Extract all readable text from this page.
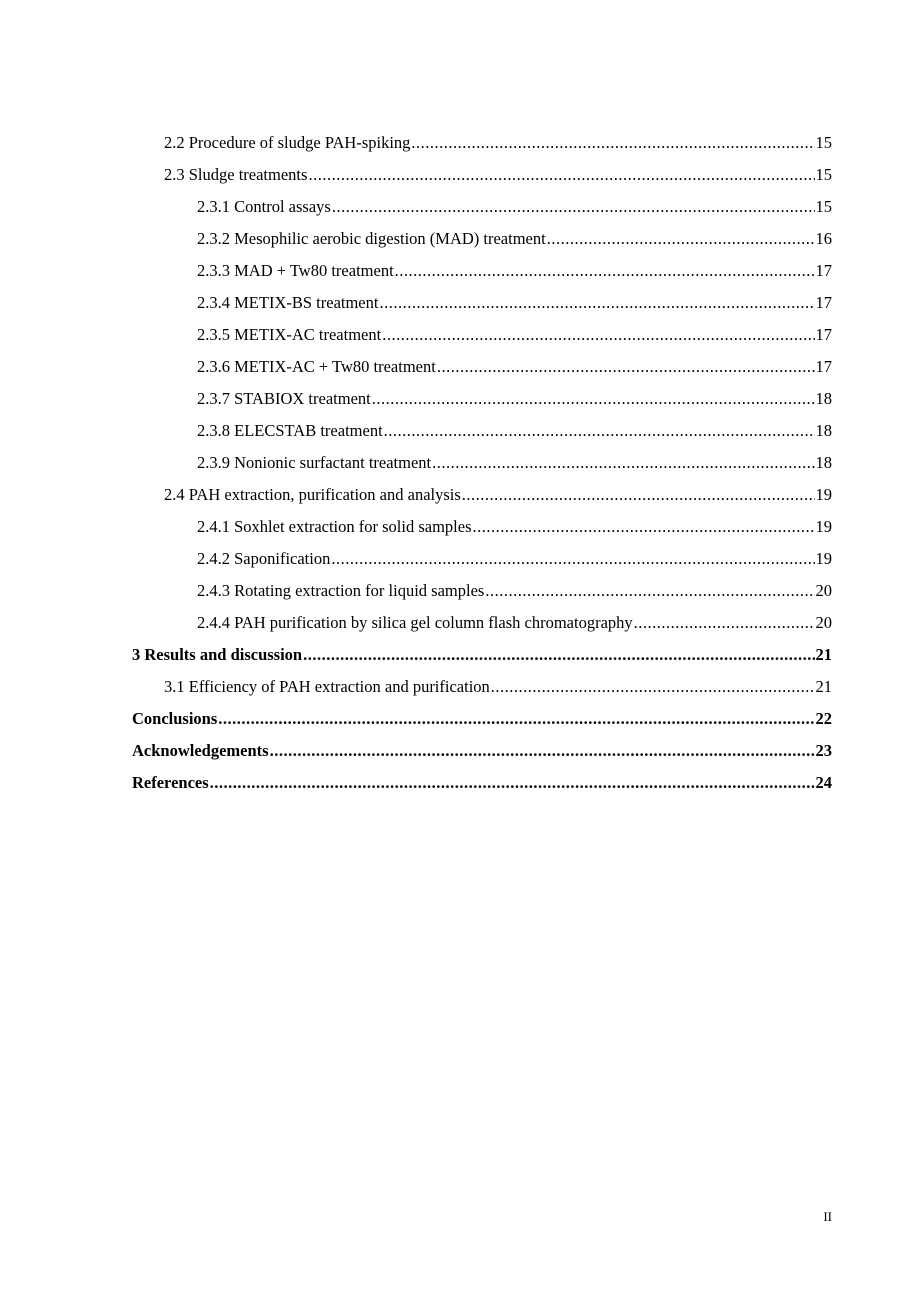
2.2 Procedure of sludge PAH-spiking .....	15
2.3 Sludge treatments .....	15
2.3.1 Control assays .....	15
2.3.2 Mesophilic aerobic digestion (MAD) treatment .....	16
2.3.3 MAD + Tw80 treatment .....	17
2.3.4 METIX-BS treatment .....	17
2.3.5 METIX-AC treatment .....	17
2.3.6 METIX-AC + Tw80 treatment .....	17
2.3.7 STABIOX treatment .....	18
2.3.8 ELECSTAB treatment .....	18
2.3.9 Nonionic surfactant treatment .....	18
2.4 PAH extraction, purification and analysis .....	19
2.4.1 Soxhlet extraction for solid samples .....	19
2.4.2 Saponification .....	19
2.4.3 Rotating extraction for liquid samples .....	20
2.4.4 PAH purification by silica gel column flash chromatography .....	20
3 Results and discussion .....	21
3.1 Efficiency of PAH extraction and purification .....	21
Conclusions .....	22
Acknowledgements .....	23
References .....	24
II
